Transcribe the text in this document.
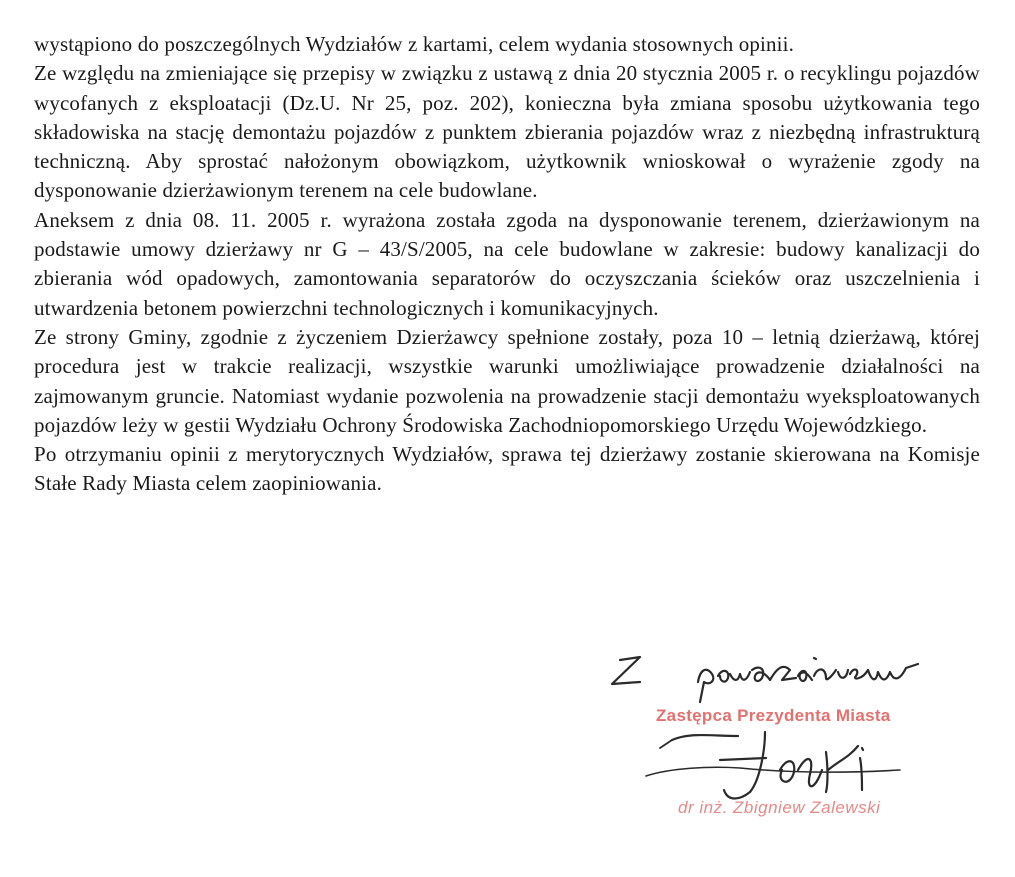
wystąpiono do poszczególnych Wydziałów z kartami, celem wydania stosownych opinii.

Ze względu na zmieniające się przepisy w związku z ustawą z dnia 20 stycznia 2005 r. o recyklingu pojazdów wycofanych z eksploatacji (Dz.U. Nr 25, poz. 202), konieczna była zmiana sposobu użytkowania tego składowiska na stację demontażu pojazdów z punktem zbierania pojazdów wraz z niezbędną infrastrukturą techniczną. Aby sprostać nałożonym obowiązkom, użytkownik wnioskował o wyrażenie zgody na dysponowanie dzierżawionym terenem na cele budowlane.

Aneksem z dnia 08. 11. 2005 r. wyrażona została zgoda na dysponowanie terenem, dzierżawionym na podstawie umowy dzierżawy nr G – 43/S/2005, na cele budowlane w zakresie: budowy kanalizacji do zbierania wód opadowych, zamontowania separatorów do oczyszczania ścieków oraz uszczelnienia i utwardzenia betonem powierzchni technologicznych i komunikacyjnych.

Ze strony Gminy, zgodnie z życzeniem Dzierżawcy spełnione zostały, poza 10 – letnią dzierżawą, której procedura jest w trakcie realizacji, wszystkie warunki umożliwiające prowadzenie działalności na zajmowanym gruncie. Natomiast wydanie pozwolenia na prowadzenie stacji demontażu wyeksploatowanych pojazdów leży w gestii Wydziału Ochrony Środowiska Zachodniopomorskiego Urzędu Wojewódzkiego.

Po otrzymaniu opinii z merytorycznych Wydziałów, sprawa tej dzierżawy zostanie skierowana na Komisje Stałe Rady Miasta celem zaopiniowania.

Zastępca Prezydenta Miasta
dr inż. Zbigniew Zalewski
